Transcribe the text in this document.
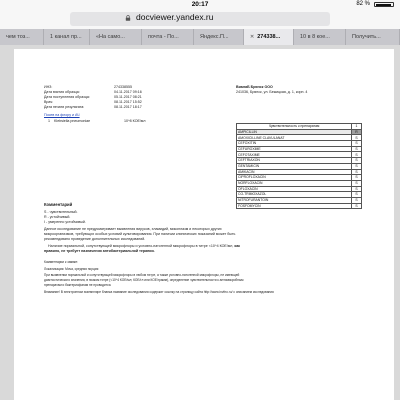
20:17	82 %
docviewer.yandex.ru
чем тоз...	1 канал пр...	«На само...	почта - По...	Яндекс.П...	✕ 274338...	10 в 8 кое...	Получить...
ИНЗ:	274338555
Дата взятия образца:	04.11.2017 09:16
Дата поступления образца:	05.11.2017 08:21
Врач:	08.11.2017 15:52
Дата печати результата:	08.11.2017 18:17
ВиалаБ Брянск ООО
241036, Брянск, ул. Бежицкая, д. 1, корп. 4
Посев на флору и АЧ
1 Klebsiella pneumoniae	10^8 КОЕ/мл
Чувствительность к препаратам	1
AMPICILLIN	R
AMOXICILLINE CLAVULANAT	S
CEFOXITIN	S
CEFUROXIME	S
CEFOTAXIME	S
CEFTRIAXON	S
GENTAMICIN	S
AMIKACIN	S
CIPROFLOXACIN	S
NORFLOXACIN	S
OFLOXACIN	S
CO-TRIMOXAZOL	S
NITROFURANTOIN	S
FOSFOMYCIN	S
Комментарий
S - чувствительный.
R - устойчивый.
I - умеренно устойчивый.
Данное исследование не предусматривает выявления вирусов, хламидий, микоплазм и некоторых других
микроорганизмов, требующих особых условий культивирования. При наличии клинических показаний может быть
рекомендовано проведение дополнительных исследований.
Наличие нормальной, сопутствующей микрофлоры и условно-патогенной микрофлоры в титре <10^4 КОЕ/мл, как
правило, не требует назначения антибактериальной терапии.
Комментарии к заявке:
Локализация: Моча, средняя порция
При выявлении нормальной и сопутствующей микрофлоры в любом титре, а также условно-патогенной микрофлоры, не имеющей
диагностического значения, в низком титре (<10^4 КОЕ/мл; КОЕ/гл или КОЕ/грамм), определение чувствительности к антимикробным
препаратам и бактериофагам не проводится.
Внимание! В электронном экземпляре бланка название исследования содержит ссылку на страницу сайта http://www.invitro.ru/ с описанием исследования
